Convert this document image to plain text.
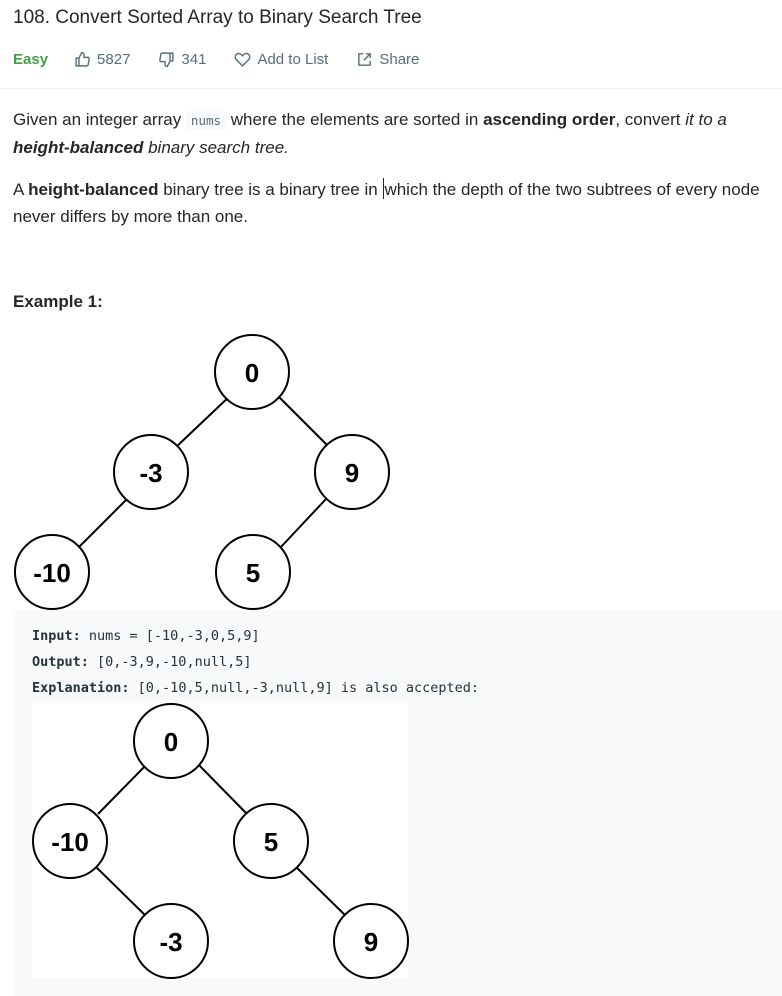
108. Convert Sorted Array to Binary Search Tree
Easy	5827	341	Add to List	Share

Given an integer array nums where the elements are sorted in ascending order, convert it to a
height-balanced binary search tree.

A height-balanced binary tree is a binary tree in which the depth of the two subtrees of every node
never differs by more than one.

Example 1:
0
-3	9
-10	5
Input: nums = [-10,-3,0,5,9]
Output: [0,-3,9,-10,null,5]
Explanation: [0,-10,5,null,-3,null,9] is also accepted:
0
-10	5
-3	9
